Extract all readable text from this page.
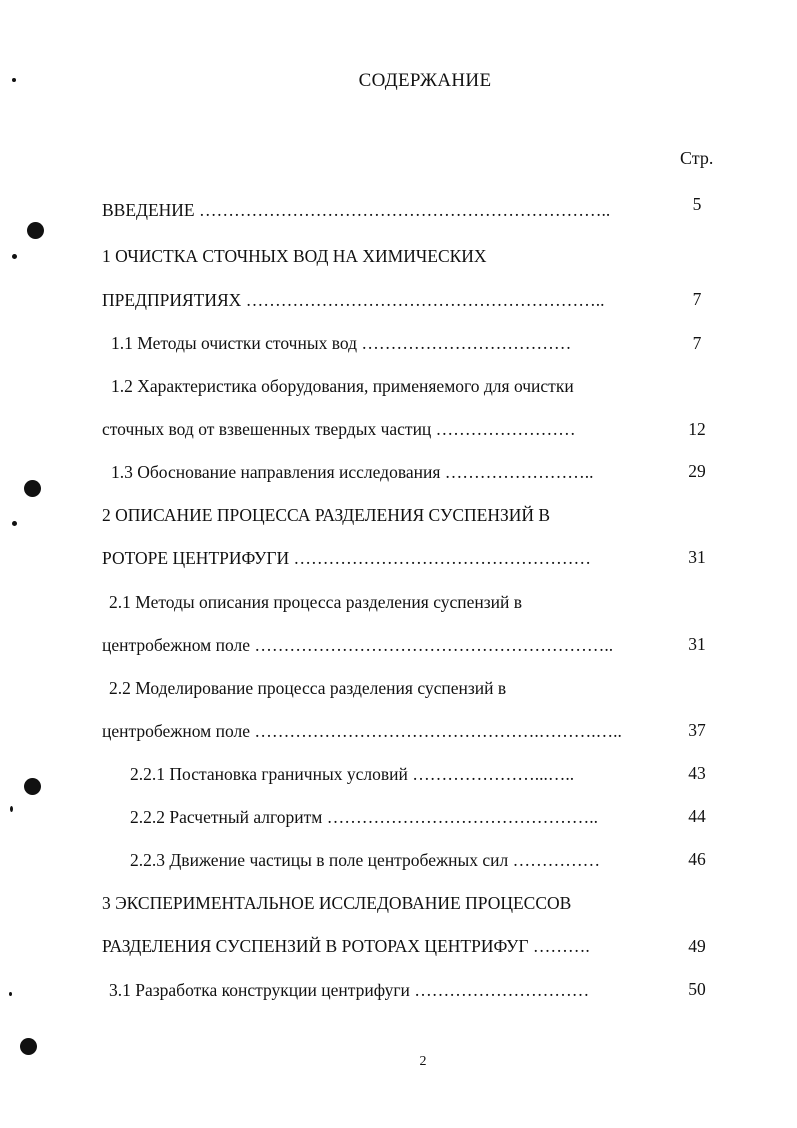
СОДЕРЖАНИЕ
Стр.
ВВЕДЕНИЕ ……………………………………………………………..	5
1 ОЧИСТКА СТОЧНЫХ ВОД НА ХИМИЧЕСКИХ
ПРЕДПРИЯТИЯХ ……………………………………………………..	7
1.1 Методы очистки сточных вод ………………………………	7
1.2 Характеристика оборудования, применяемого для очистки
сточных вод от взвешенных твердых частиц ……………………	12
1.3 Обоснование направления исследования ……………………..	29
2 ОПИСАНИЕ ПРОЦЕССА РАЗДЕЛЕНИЯ СУСПЕНЗИЙ В
РОТОРЕ ЦЕНТРИФУГИ ……………………………………………	31
2.1 Методы описания процесса разделения суспензий в
центробежном поле ……………………………………………………..	31
2.2 Моделирование процесса разделения суспензий в
центробежном поле ………………………………………….……….…..	37
2.2.1 Постановка граничных условий …………………...…..	43
2.2.2 Расчетный алгоритм ………………………………………..	44
2.2.3 Движение частицы в поле центробежных сил ……………	46
3 ЭКСПЕРИМЕНТАЛЬНОЕ ИССЛЕДОВАНИЕ ПРОЦЕССОВ
РАЗДЕЛЕНИЯ СУСПЕНЗИЙ В РОТОРАХ ЦЕНТРИФУГ ……….	49
3.1 Разработка конструкции центрифуги …………………………	50
2
